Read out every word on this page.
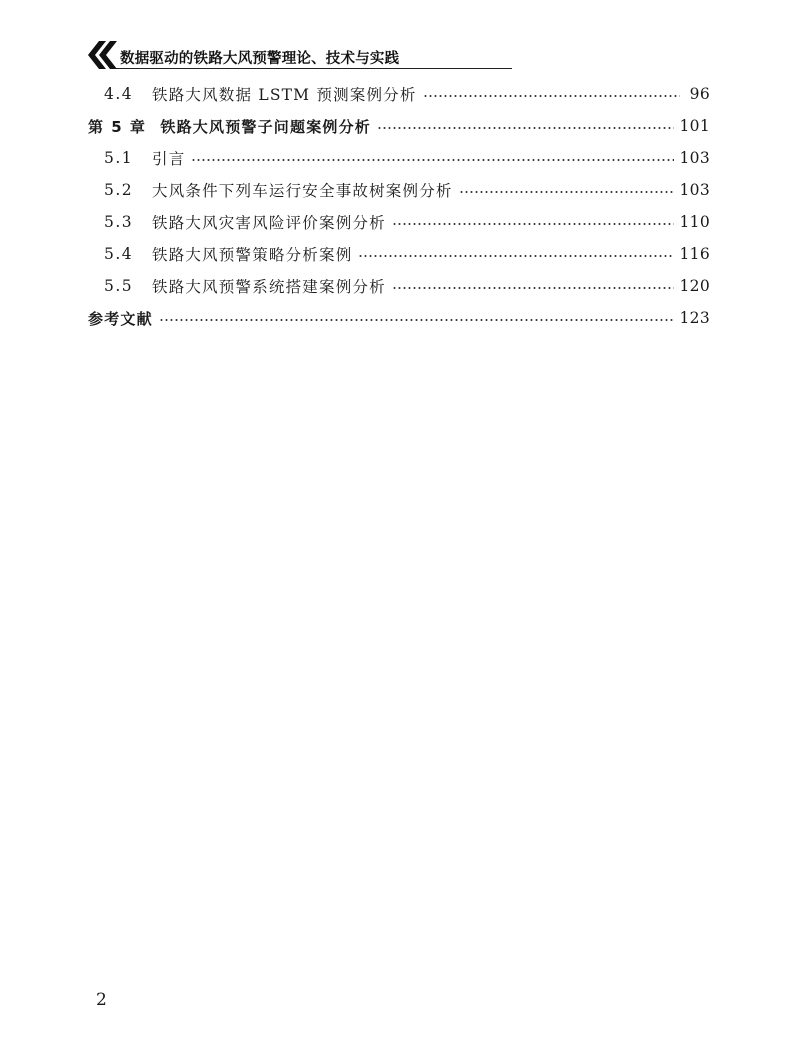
数据驱动的铁路大风预警理论、技术与实践
4.4	铁路大风数据 LSTM 预测案例分析	96
第 5 章 铁路大风预警子问题案例分析	101
5.1	引言	103
5.2	大风条件下列车运行安全事故树案例分析	103
5.3	铁路大风灾害风险评价案例分析	110
5.4	铁路大风预警策略分析案例	116
5.5	铁路大风预警系统搭建案例分析	120
参考文献	123
2
